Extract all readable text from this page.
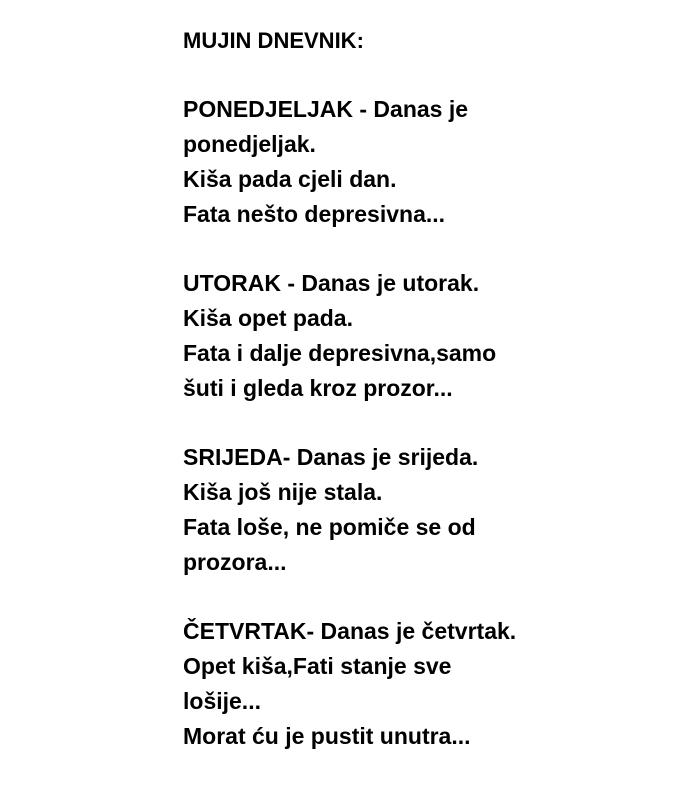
MUJIN DNEVNIK:
PONEDJELJAK - Danas je
ponedjeljak.
Kiša pada cjeli dan.
Fata nešto depresivna...
UTORAK - Danas je utorak.
Kiša opet pada.
Fata i dalje depresivna,samo
šuti i gleda kroz prozor...
SRIJEDA- Danas je srijeda.
Kiša još nije stala.
Fata loše, ne pomiče se od
prozora...
ČETVRTAK- Danas je četvrtak.
Opet kiša,Fati stanje sve
lošije...
Morat ću je pustit unutra...
